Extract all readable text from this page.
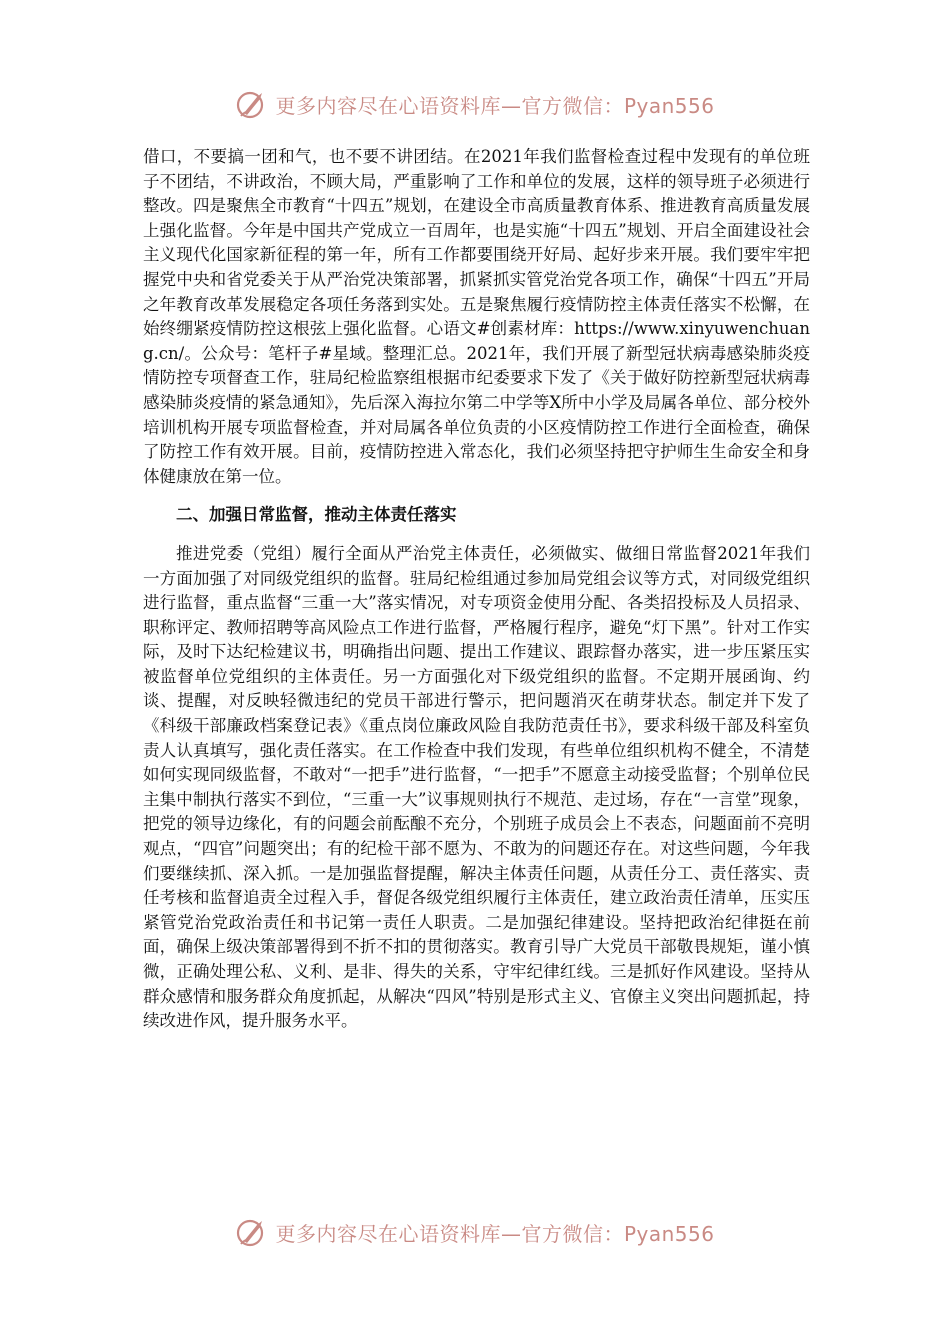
更多内容尽在心语资料库—官方微信：Pyan556

借口，不要搞一团和气，也不要不讲团结。在2021年我们监督检查过程中发现有的单位班子不团结，不讲政治，不顾大局，严重影响了工作和单位的发展，这样的领导班子必须进行整改。四是聚焦全市教育“十四五”规划，在建设全市高质量教育体系、推进教育高质量发展上强化监督。今年是中国共产党成立一百周年，也是实施“十四五”规划、开启全面建设社会主义现代化国家新征程的第一年，所有工作都要围绕开好局、起好步来开展。我们要牢牢把握党中央和省党委关于从严治党决策部署，抓紧抓实管党治党各项工作，确保“十四五”开局之年教育改革发展稳定各项任务落到实处。五是聚焦履行疫情防控主体责任落实不松懈，在始终绷紧疫情防控这根弦上强化监督。心语文#创素材库：https://www.xinyuwenchuang.cn/。公众号：笔杆子#星域。整理汇总。2021年，我们开展了新型冠状病毒感染肺炎疫情防控专项督查工作，驻局纪检监察组根据市纪委要求下发了《关于做好防控新型冠状病毒感染肺炎疫情的紧急通知》，先后深入海拉尔第二中学等X所中小学及局属各单位、部分校外培训机构开展专项监督检查，并对局属各单位负责的小区疫情防控工作进行全面检查，确保了防控工作有效开展。目前，疫情防控进入常态化，我们必须坚持把守护师生生命安全和身体健康放在第一位。

二、加强日常监督，推动主体责任落实

推进党委（党组）履行全面从严治党主体责任，必须做实、做细日常监督2021年我们一方面加强了对同级党组织的监督。驻局纪检组通过参加局党组会议等方式，对同级党组织进行监督，重点监督“三重一大”落实情况，对专项资金使用分配、各类招投标及人员招录、职称评定、教师招聘等高风险点工作进行监督，严格履行程序，避免“灯下黑”。针对工作实际，及时下达纪检建议书，明确指出问题、提出工作建议、跟踪督办落实，进一步压紧压实被监督单位党组织的主体责任。另一方面强化对下级党组织的监督。不定期开展函询、约谈、提醒，对反映轻微违纪的党员干部进行警示，把问题消灭在萌芽状态。制定并下发了《科级干部廉政档案登记表》《重点岗位廉政风险自我防范责任书》，要求科级干部及科室负责人认真填写，强化责任落实。在工作检查中我们发现，有些单位组织机构不健全，不清楚如何实现同级监督，不敢对“一把手”进行监督，“一把手”不愿意主动接受监督；个别单位民主集中制执行落实不到位，“三重一大”议事规则执行不规范、走过场，存在“一言堂”现象，把党的领导边缘化，有的问题会前酝酿不充分，个别班子成员会上不表态，问题面前不亮明观点，“四官”问题突出；有的纪检干部不愿为、不敢为的问题还存在。对这些问题，今年我们要继续抓、深入抓。一是加强监督提醒，解决主体责任问题，从责任分工、责任落实、责任考核和监督追责全过程入手，督促各级党组织履行主体责任，建立政治责任清单，压实压紧管党治党政治责任和书记第一责任人职责。二是加强纪律建设。坚持把政治纪律挺在前面，确保上级决策部署得到不折不扣的贯彻落实。教育引导广大党员干部敬畏规矩，谨小慎微，正确处理公私、义利、是非、得失的关系，守牢纪律红线。三是抓好作风建设。坚持从群众感情和服务群众角度抓起，从解决“四风”特别是形式主义、官僚主义突出问题抓起，持续改进作风，提升服务水平。

更多内容尽在心语资料库—官方微信：Pyan556
